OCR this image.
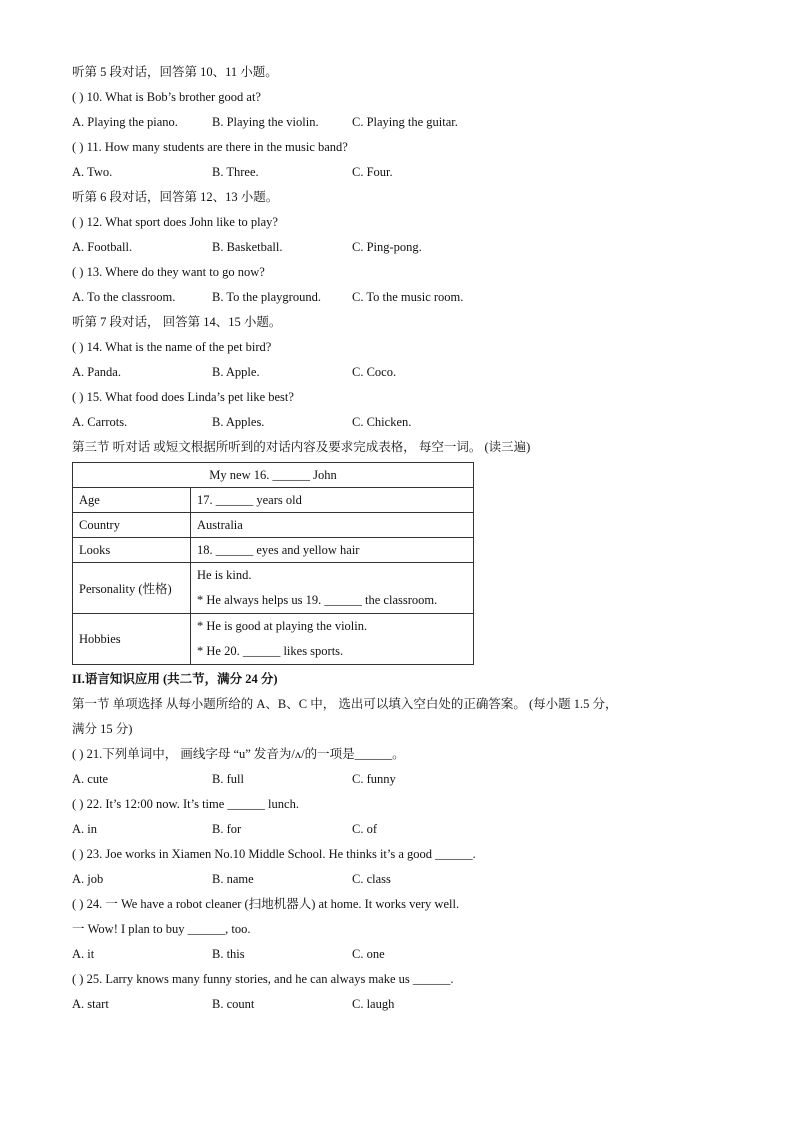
听第 5 段对话，回答第 10、11 小题。
( ) 10. What is Bob’s brother good at?
A. Playing the piano.	B. Playing the violin.	C. Playing the guitar.
( ) 11. How many students are there in the music band?
A. Two.	B. Three.	C. Four.
听第 6 段对话，回答第 12、13 小题。
( ) 12. What sport does John like to play?
A. Football.	B. Basketball.	C. Ping-pong.
( ) 13. Where do they want to go now?
A. To the classroom.	B. To the playground. C. To the music room.
听第 7 段对话， 回答第 14、15 小题。
( ) 14. What is the name of the pet bird?
A. Panda.	B. Apple.	C. Coco.
( ) 15. What food does Linda’s pet like best?
A. Carrots.	B. Apples.	C. Chicken.
第三节 听对话 或短文根据所听到的对话内容及要求完成表格， 每空一词。 (读三遍)
My new 16. ______ John	
Age	17. ______ years old
Country	Australia
Looks	18. ______ eyes and yellow hair
Personality (性格)	He is kind.
* He always helps us 19. ______ the classroom.

Hobbies	* He is good at playing the violin.
* He 20. ______ likes sports.
II.语言知识应用 (共二节，满分 24 分)
第一节 单项选择 从每小题所给的 A、B、C 中， 选出可以填入空白处的正确答案。 (每小题 1.5 分，
满分 15 分)
( ) 21.下列单词中， 画线字母 “u” 发音为/ʌ/的一项是______。
A. cute	B. full	C. funny
( ) 22. It’s 12:00 now. It’s time ______ lunch.
A. in	B. for	C. of
( ) 23. Joe works in Xiamen No.10 Middle School. He thinks it’s a good ______.
A. job	B. name	C. class
( ) 24. 一 We have a robot cleaner (扫地机器人) at home. It works very well.
一 Wow! I plan to buy ______, too.
A. it	B. this	C. one
( ) 25. Larry knows many funny stories, and he can always make us ______.
A. start	B. count	C. laugh
